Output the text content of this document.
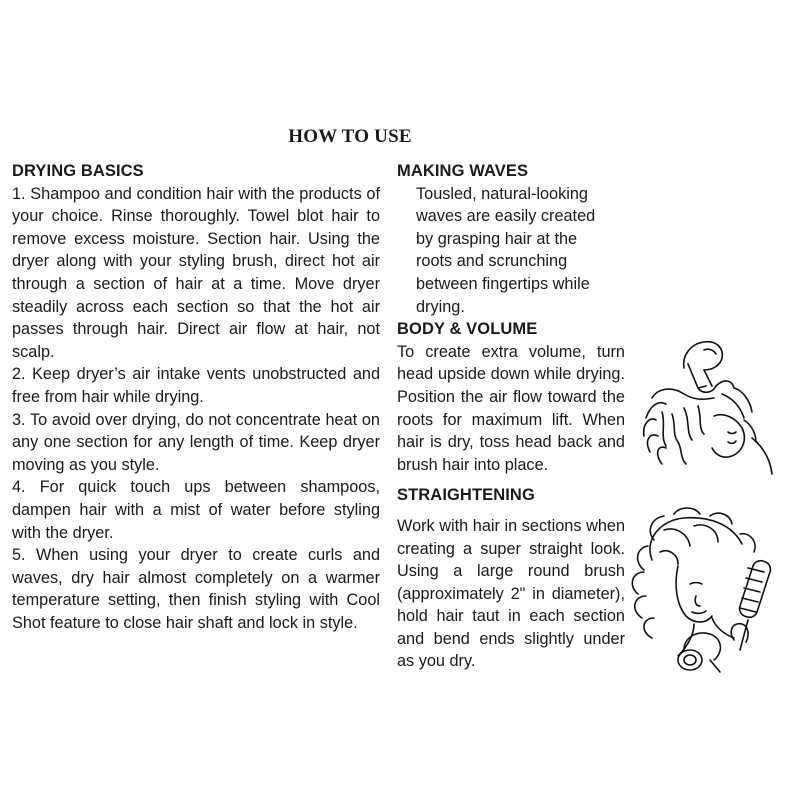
HOW TO USE
DRYING BASICS

1. Shampoo and condition hair with the products of your choice. Rinse thoroughly. Towel blot hair to remove excess moisture. Section hair. Using the dryer along with your styling brush, direct hot air through a section of hair at a time. Move dryer steadily across each section so that the hot air passes through hair. Direct air flow at hair, not scalp.

2. Keep dryer’s air intake vents unobstructed and free from hair while drying.

3. To avoid over drying, do not concentrate heat on any one section for any length of time. Keep dryer moving as you style.

4. For quick touch ups between shampoos, dampen hair with a mist of water before styling with the dryer.

5. When using your dryer to create curls and waves, dry hair almost completely on a warmer temperature setting, then finish styling with Cool Shot feature to close hair shaft and lock in style.

MAKING WAVES

Tousled, natural-looking waves are easily created by grasping hair at the roots and scrunching between fingertips while drying.

BODY & VOLUME

To create extra volume, turn head upside down while drying. Position the air flow toward the roots for maximum lift. When hair is dry, toss head back and brush hair into place.

STRAIGHTENING

Work with hair in sections when creating a super straight look. Using a large round brush (approximately 2" in diameter), hold hair taut in each section and bend ends slightly under as you dry.
